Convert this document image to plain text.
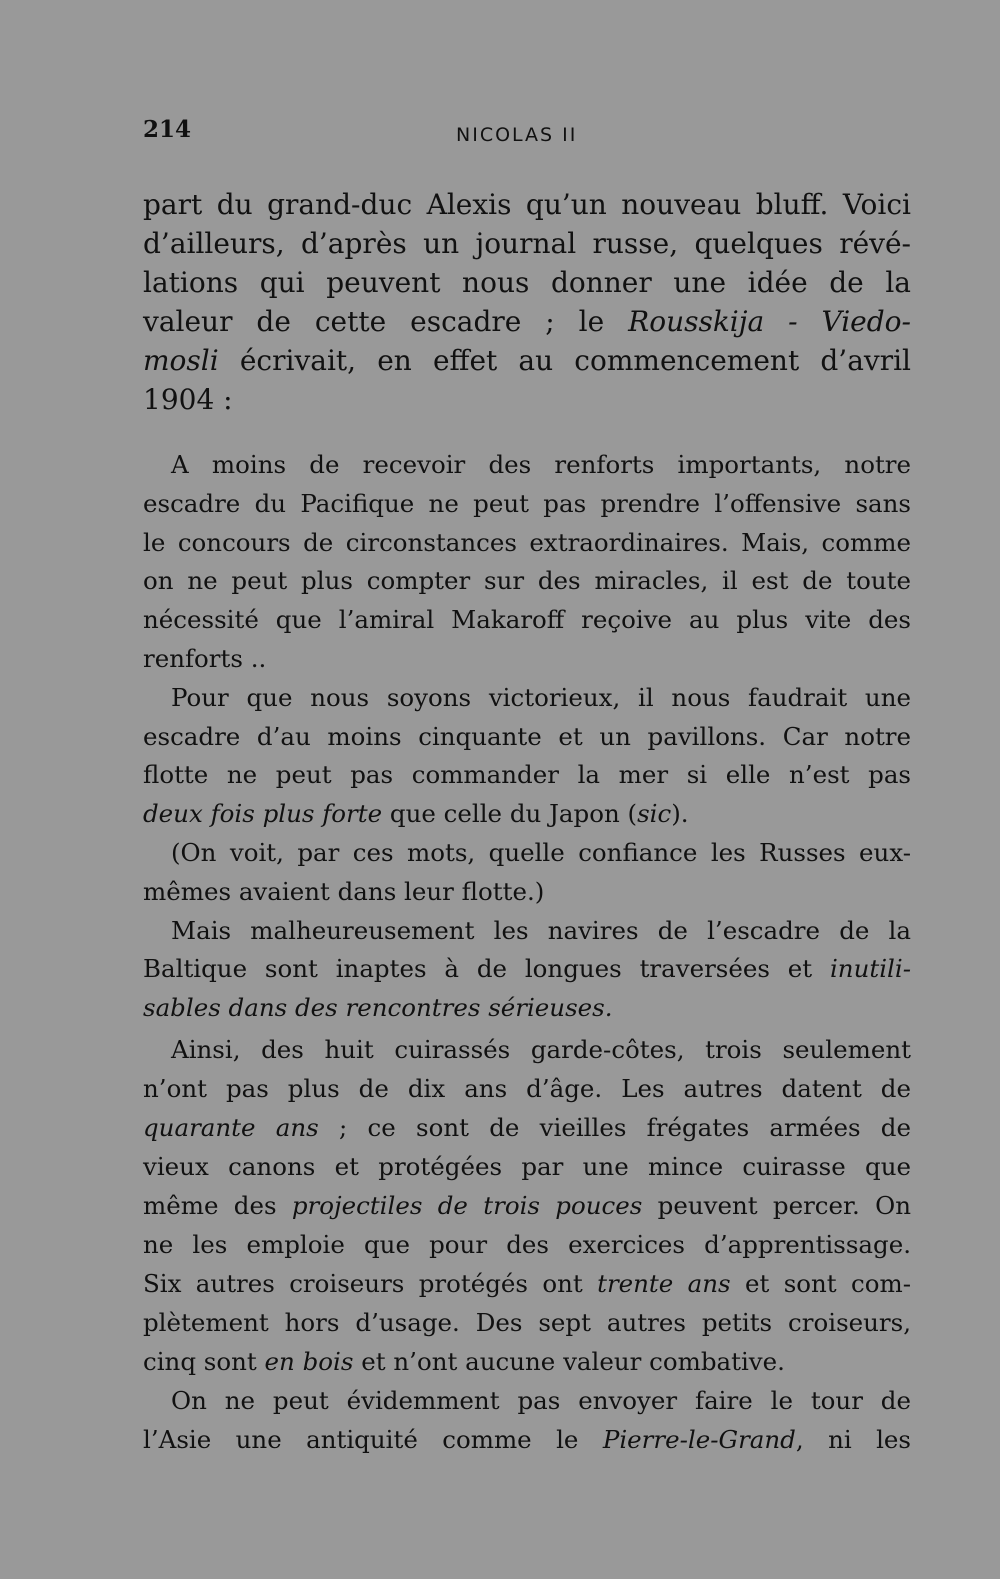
214	NICOLAS II
part du grand-duc Alexis qu’un nouveau bluff. Voici
d’ailleurs, d’après un journal russe, quelques révé-
lations qui peuvent nous donner une idée de la
valeur de cette escadre ; le Rousskija - Viedo-
mosli écrivait, en effet au commencement d’avril
1904 :
A moins de recevoir des renforts importants, notre
escadre du Pacifique ne peut pas prendre l’offensive sans
le concours de circonstances extraordinaires. Mais, comme
on ne peut plus compter sur des miracles, il est de toute
nécessité que l’amiral Makaroff reçoive au plus vite des
renforts ..
Pour que nous soyons victorieux, il nous faudrait une
escadre d’au moins cinquante et un pavillons. Car notre
flotte ne peut pas commander la mer si elle n’est pas
deux fois plus forte que celle du Japon (sic).
(On voit, par ces mots, quelle confiance les Russes eux-
mêmes avaient dans leur flotte.)
Mais malheureusement les navires de l’escadre de la
Baltique sont inaptes à de longues traversées et inutili-
sables dans des rencontres sérieuses.
Ainsi, des huit cuirassés garde-côtes, trois seulement
n’ont pas plus de dix ans d’âge. Les autres datent de
quarante ans ; ce sont de vieilles frégates armées de
vieux canons et protégées par une mince cuirasse que
même des projectiles de trois pouces peuvent percer. On
ne les emploie que pour des exercices d’apprentissage.
Six autres croiseurs protégés ont trente ans et sont com-
plètement hors d’usage. Des sept autres petits croiseurs,
cinq sont en bois et n’ont aucune valeur combative.
On ne peut évidemment pas envoyer faire le tour de
l’Asie une antiquité comme le Pierre-le-Grand, ni les
